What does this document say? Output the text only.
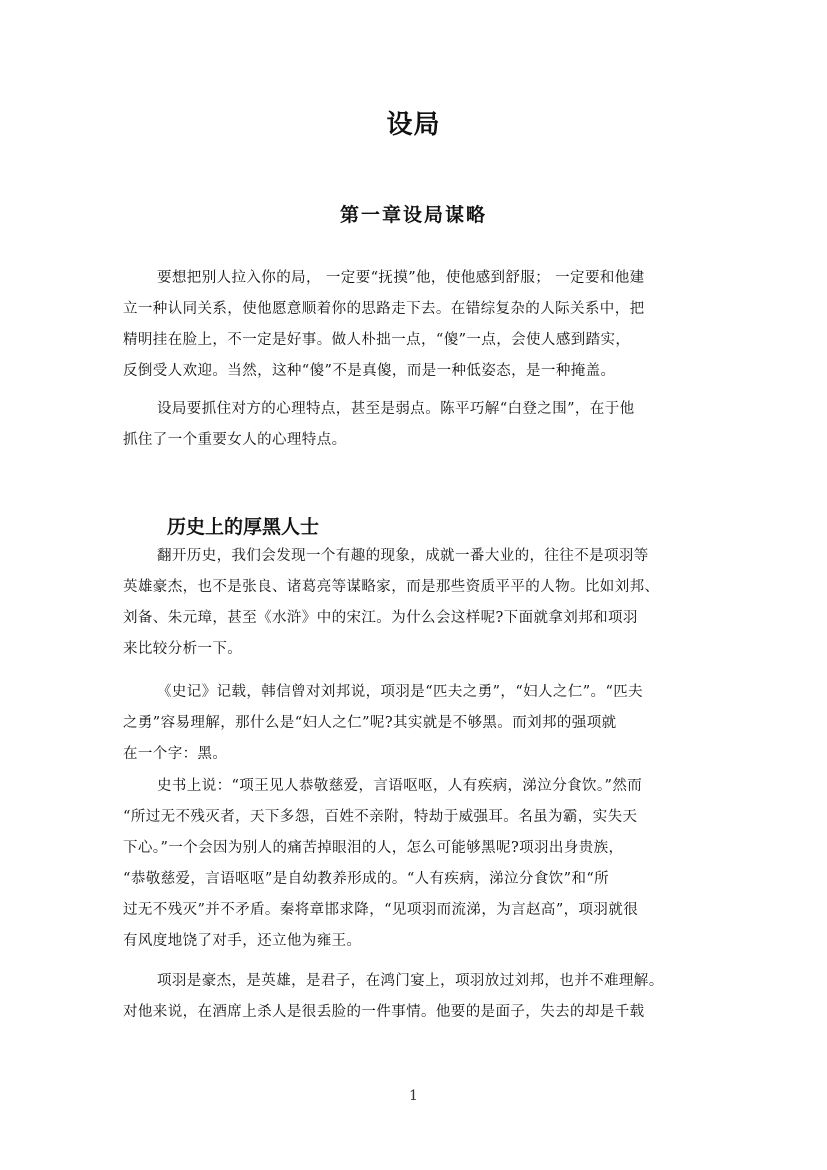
设局
第一章设局谋略
要想把别人拉入你的局， 一定要“抚摸”他，使他感到舒服； 一定要和他建
立一种认同关系，使他愿意顺着你的思路走下去。在错综复杂的人际关系中，把
精明挂在脸上，不一定是好事。做人朴拙一点，“傻”一点，会使人感到踏实，
反倒受人欢迎。当然，这种“傻”不是真傻，而是一种低姿态，是一种掩盖。
设局要抓住对方的心理特点，甚至是弱点。陈平巧解“白登之围”，在于他
抓住了一个重要女人的心理特点。
历史上的厚黑人士
翻开历史，我们会发现一个有趣的现象，成就一番大业的，往往不是项羽等
英雄豪杰，也不是张良、诸葛亮等谋略家，而是那些资质平平的人物。比如刘邦、
刘备、朱元璋，甚至《水浒》中的宋江。为什么会这样呢?下面就拿刘邦和项羽
来比较分析一下。
《史记》记载，韩信曾对刘邦说，项羽是“匹夫之勇”，“妇人之仁”。“匹夫
之勇”容易理解，那什么是“妇人之仁”呢?其实就是不够黑。而刘邦的强项就
在一个字：黑。
史书上说：“项王见人恭敬慈爱，言语呕呕，人有疾病，涕泣分食饮。”然而
“所过无不残灭者，天下多怨，百姓不亲附，特劫于威强耳。名虽为霸，实失天
下心。”一个会因为别人的痛苦掉眼泪的人，怎么可能够黑呢?项羽出身贵族，
“恭敬慈爱，言语呕呕”是自幼教养形成的。“人有疾病，涕泣分食饮”和“所
过无不残灭”并不矛盾。秦将章邯求降，“见项羽而流涕，为言赵高”，项羽就很
有风度地饶了对手，还立他为雍王。
项羽是豪杰，是英雄，是君子，在鸿门宴上，项羽放过刘邦，也并不难理解。
对他来说，在酒席上杀人是很丢脸的一件事情。他要的是面子，失去的却是千载
1
